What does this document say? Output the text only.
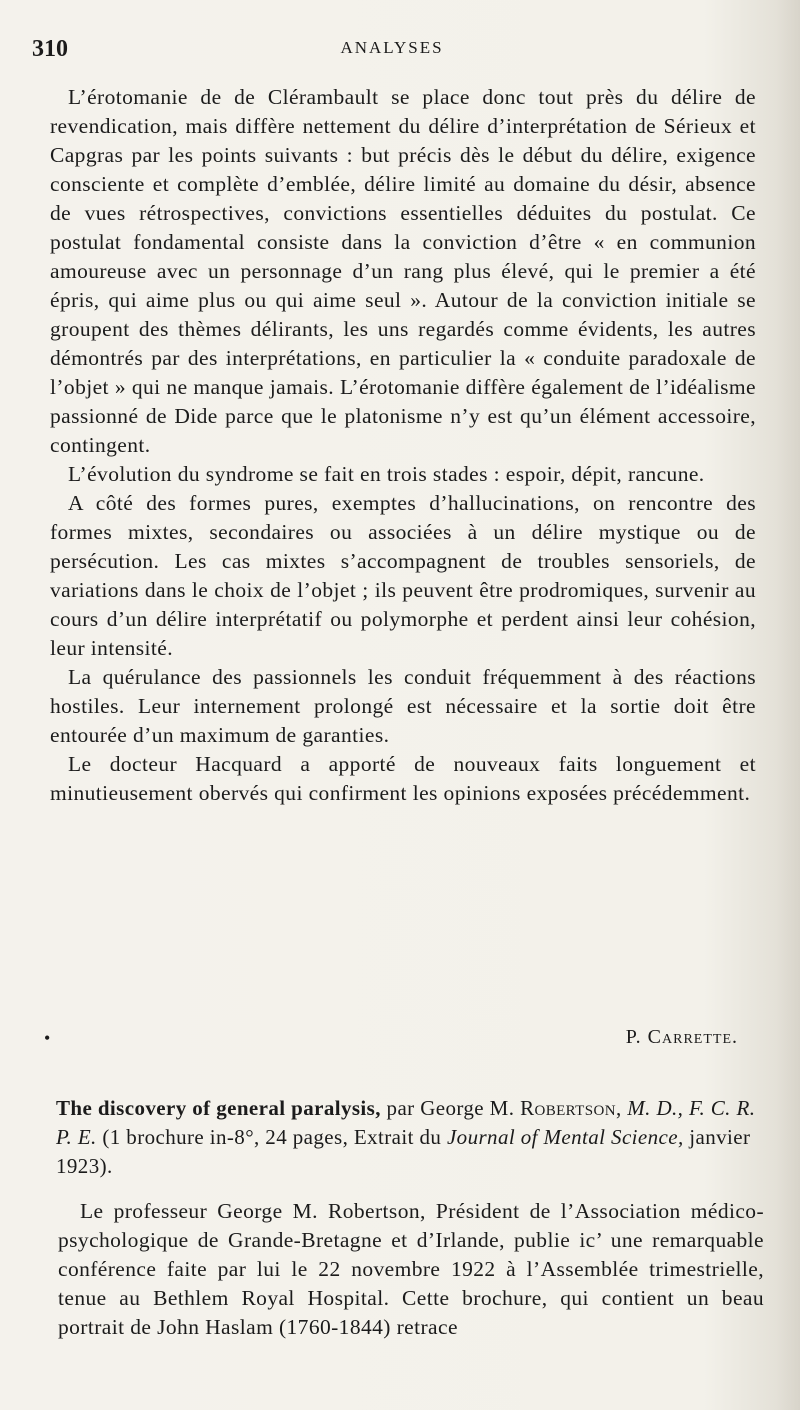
310	ANALYSES

L’érotomanie de de Clérambault se place donc tout près du délire de revendication, mais diffère nettement du délire d’interprétation de Sérieux et Capgras par les points suivants : but précis dès le début du délire, exigence consciente et complète d’emblée, délire limité au domaine du désir, absence de vues rétrospectives, convictions essentielles déduites du postulat. Ce postulat fondamental consiste dans la conviction d’être « en communion amoureuse avec un personnage d’un rang plus élevé, qui le premier a été épris, qui aime plus ou qui aime seul ». Autour de la conviction initiale se groupent des thèmes délirants, les uns regardés comme évidents, les autres démontrés par des interprétations, en particulier la « conduite paradoxale de l’objet » qui ne manque jamais. L’érotomanie diffère également de l’idéalisme passionné de Dide parce que le platonisme n’y est qu’un élément accessoire, contingent.

L’évolution du syndrome se fait en trois stades : espoir, dépit, rancune.

A côté des formes pures, exemptes d’hallucinations, on rencontre des formes mixtes, secondaires ou associées à un délire mystique ou de persécution. Les cas mixtes s’accompagnent de troubles sensoriels, de variations dans le choix de l’objet ; ils peuvent être prodromiques, survenir au cours d’un délire interprétatif ou polymorphe et perdent ainsi leur cohésion, leur intensité.

La quérulance des passionnels les conduit fréquemment à des réactions hostiles. Leur internement prolongé est nécessaire et la sortie doit être entourée d’un maximum de garanties.

Le docteur Hacquard a apporté de nouveaux faits longuement et minutieusement obervés qui confirment les opinions exposées précédemment.

•	P. Carrette.
The discovery of general paralysis, par George M. Robertson, M. D., F. C. R. P. E. (1 brochure in-8°, 24 pages, Extrait du Journal of Mental Science, janvier 1923).

Le professeur George M. Robertson, Président de l’Association médico-psychologique de Grande-Bretagne et d’Irlande, publie ic’ une remarquable conférence faite par lui le 22 novembre 1922 à l’Assemblée trimestrielle, tenue au Bethlem Royal Hospital. Cette brochure, qui contient un beau portrait de John Haslam (1760-1844) retrace
